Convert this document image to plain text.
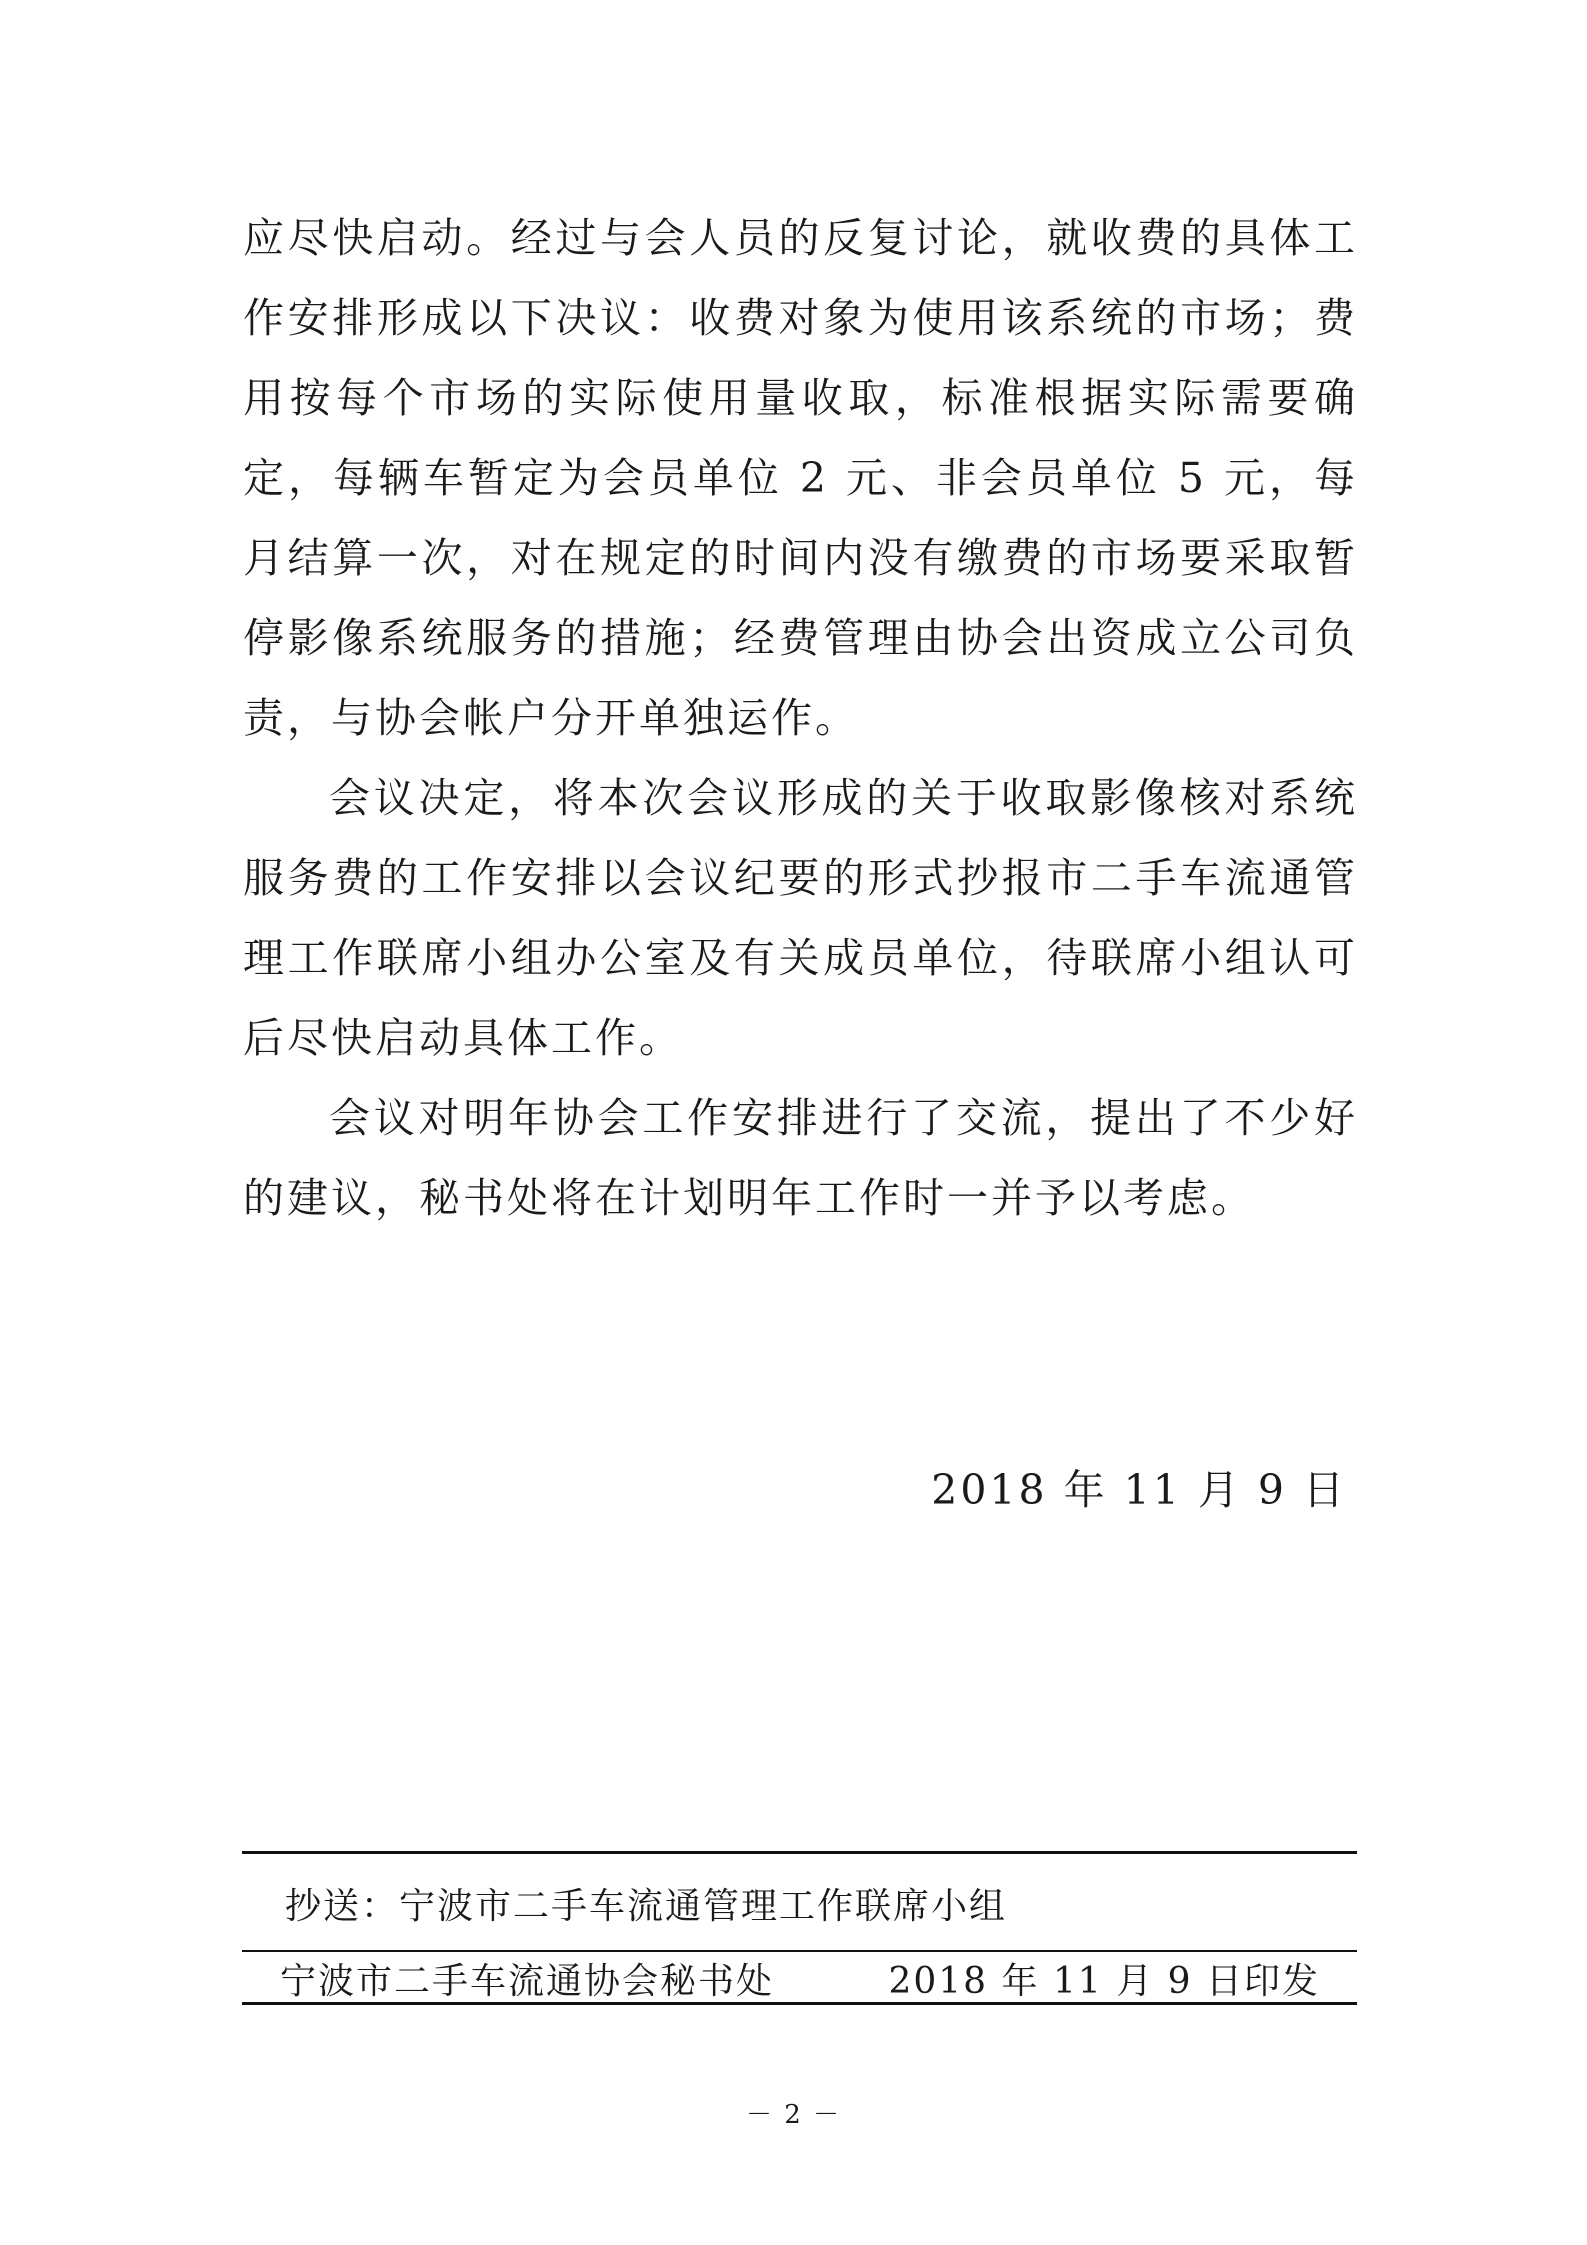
应尽快启动。经过与会人员的反复讨论，就收费的具体工作安排形成以下决议：收费对象为使用该系统的市场；费用按每个市场的实际使用量收取，标准根据实际需要确定，每辆车暂定为会员单位 2 元、非会员单位 5 元，每月结算一次，对在规定的时间内没有缴费的市场要采取暂停影像系统服务的措施；经费管理由协会出资成立公司负责，与协会帐户分开单独运作。

会议决定，将本次会议形成的关于收取影像核对系统服务费的工作安排以会议纪要的形式抄报市二手车流通管理工作联席小组办公室及有关成员单位，待联席小组认可后尽快启动具体工作。

会议对明年协会工作安排进行了交流，提出了不少好的建议，秘书处将在计划明年工作时一并予以考虑。

2018 年 11 月 9 日
抄送：宁波市二手车流通管理工作联席小组
宁波市二手车流通协会秘书处	2018 年 11 月 9 日印发
－ 2 －
